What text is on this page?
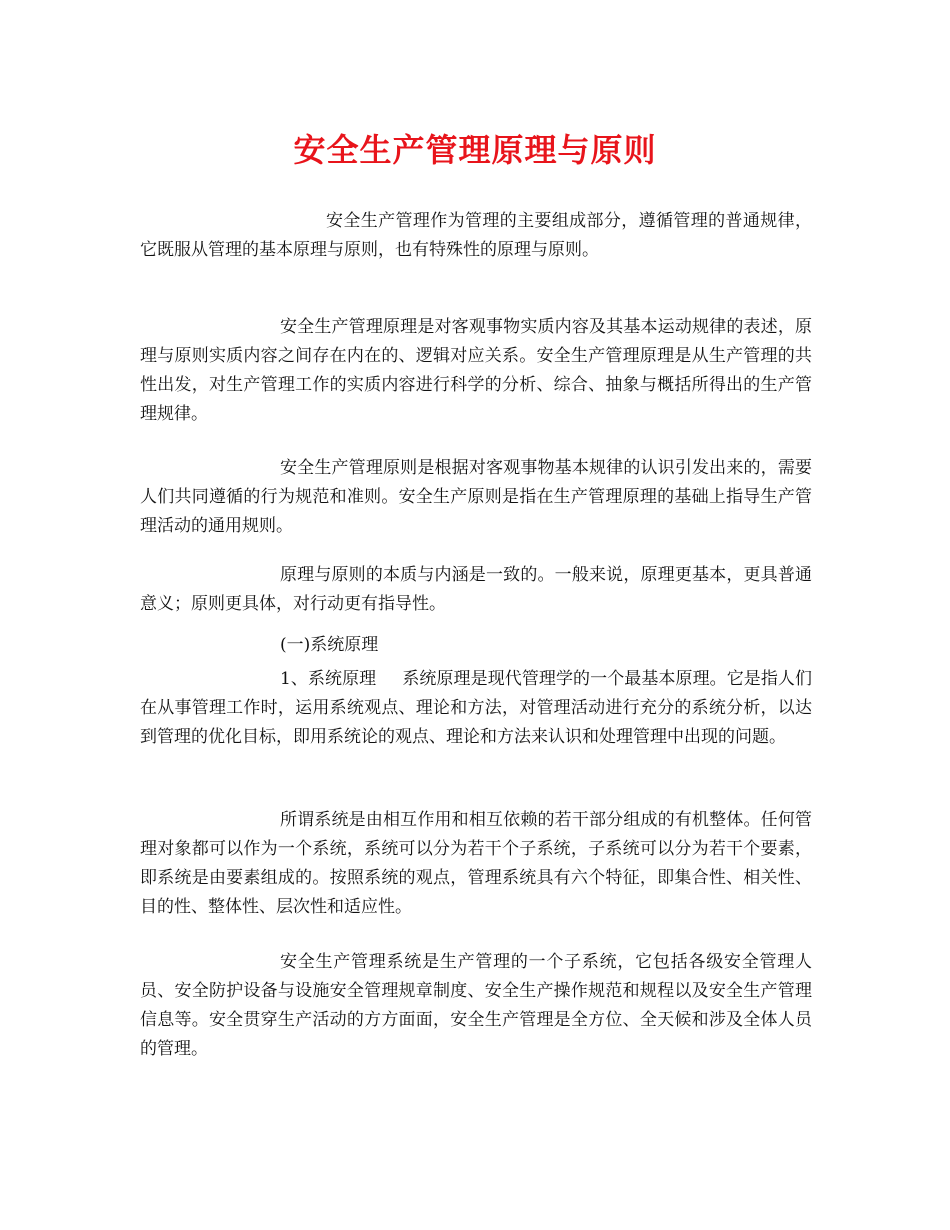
安全生产管理原理与原则

安全生产管理作为管理的主要组成部分，遵循管理的普通规律，它既服从管理的基本原理与原则，也有特殊性的原理与原则。

安全生产管理原理是对客观事物实质内容及其基本运动规律的表述，原理与原则实质内容之间存在内在的、逻辑对应关系。安全生产管理原理是从生产管理的共性出发，对生产管理工作的实质内容进行科学的分析、综合、抽象与概括所得出的生产管理规律。

安全生产管理原则是根据对客观事物基本规律的认识引发出来的，需要人们共同遵循的行为规范和准则。安全生产原则是指在生产管理原理的基础上指导生产管理活动的通用规则。

原理与原则的本质与内涵是一致的。一般来说，原理更基本，更具普通意义；原则更具体，对行动更有指导性。

(一)系统原理

1、系统原理 系统原理是现代管理学的一个最基本原理。它是指人们在从事管理工作时，运用系统观点、理论和方法，对管理活动进行充分的系统分析，以达到管理的优化目标，即用系统论的观点、理论和方法来认识和处理管理中出现的问题。

所谓系统是由相互作用和相互依赖的若干部分组成的有机整体。任何管理对象都可以作为一个系统，系统可以分为若干个子系统，子系统可以分为若干个要素，即系统是由要素组成的。按照系统的观点，管理系统具有六个特征，即集合性、相关性、目的性、整体性、层次性和适应性。

安全生产管理系统是生产管理的一个子系统，它包括各级安全管理人员、安全防护设备与设施安全管理规章制度、安全生产操作规范和规程以及安全生产管理信息等。安全贯穿生产活动的方方面面，安全生产管理是全方位、全天候和涉及全体人员的管理。
